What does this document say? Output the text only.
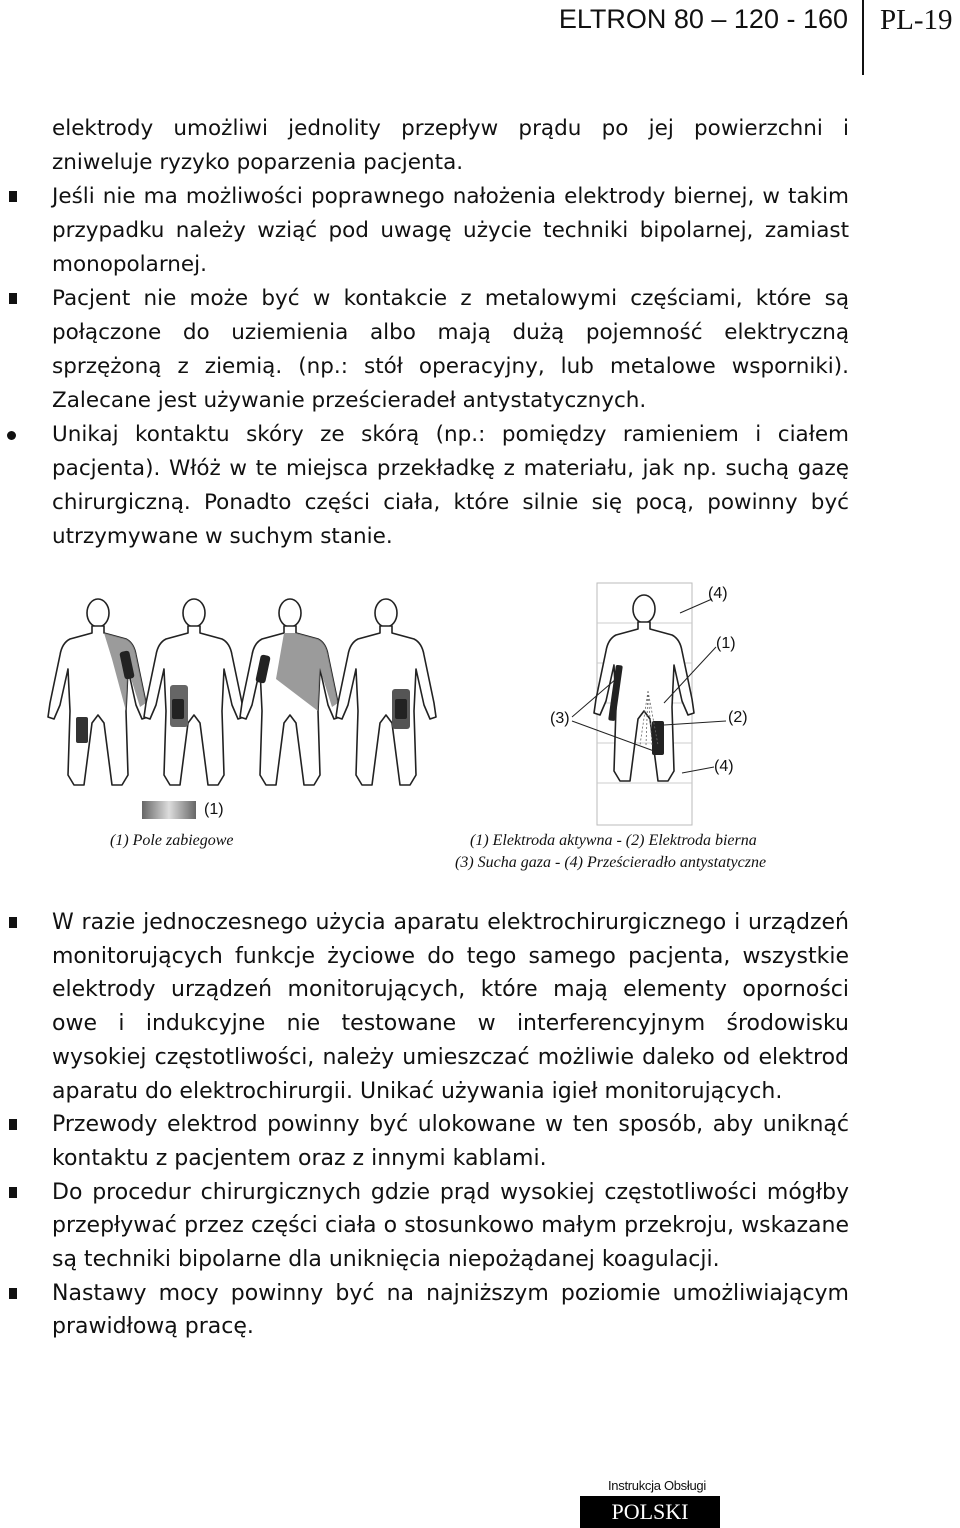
ELTRON 80 – 120 - 160 PL-19

elektrody umożliwi jednolity przepływ prądu po jej powierzchni i zniweluje ryzyko poparzenia pacjenta.

Jeśli nie ma możliwości poprawnego nałożenia elektrody biernej, w takim przypadku należy wziąć pod uwagę użycie techniki bipolarnej, zamiast monopolarnej.

Pacjent nie może być w kontakcie z metalowymi częściami, które są połączone do uziemienia albo mają dużą pojemność elektryczną sprzężoną z ziemią. (np.: stół operacyjny, lub metalowe wsporniki). Zalecane jest używanie prześcieradeł antystatycznych.

Unikaj kontaktu skóry ze skórą (np.: pomiędzy ramieniem i ciałem pacjenta). Włóż w te miejsca przekładkę z materiału, jak np. suchą gazę chirurgiczną. Ponadto części ciała, które silnie się pocą, powinny być utrzymywane w suchym stanie.

(4)
(1)
(3)	(2)
(4)
(1)
(1) Pole zabiegowe	(1) Elektroda aktywna - (2) Elektroda bierna
(3) Sucha gaza - (4) Prześcieradło antystatyczne

W razie jednoczesnego użycia aparatu elektrochirurgicznego i urządzeń monitorujących funkcje życiowe do tego samego pacjenta, wszystkie elektrody urządzeń monitorujących, które mają elementy oporności owe i indukcyjne nie testowane w interferencyjnym środowisku wysokiej częstotliwości, należy umieszczać możliwie daleko od elektrod aparatu do elektrochirurgii. Unikać używania igieł monitorujących.

Przewody elektrod powinny być ulokowane w ten sposób, aby uniknąć kontaktu z pacjentem oraz z innymi kablami.

Do procedur chirurgicznych gdzie prąd wysokiej częstotliwości mógłby przepływać przez części ciała o stosunkowo małym przekroju, wskazane są techniki bipolarne dla uniknięcia niepożądanej koagulacji.

Nastawy mocy powinny być na najniższym poziomie umożliwiającym prawidłową pracę.

Instrukcja Obsługi
POLSKI
